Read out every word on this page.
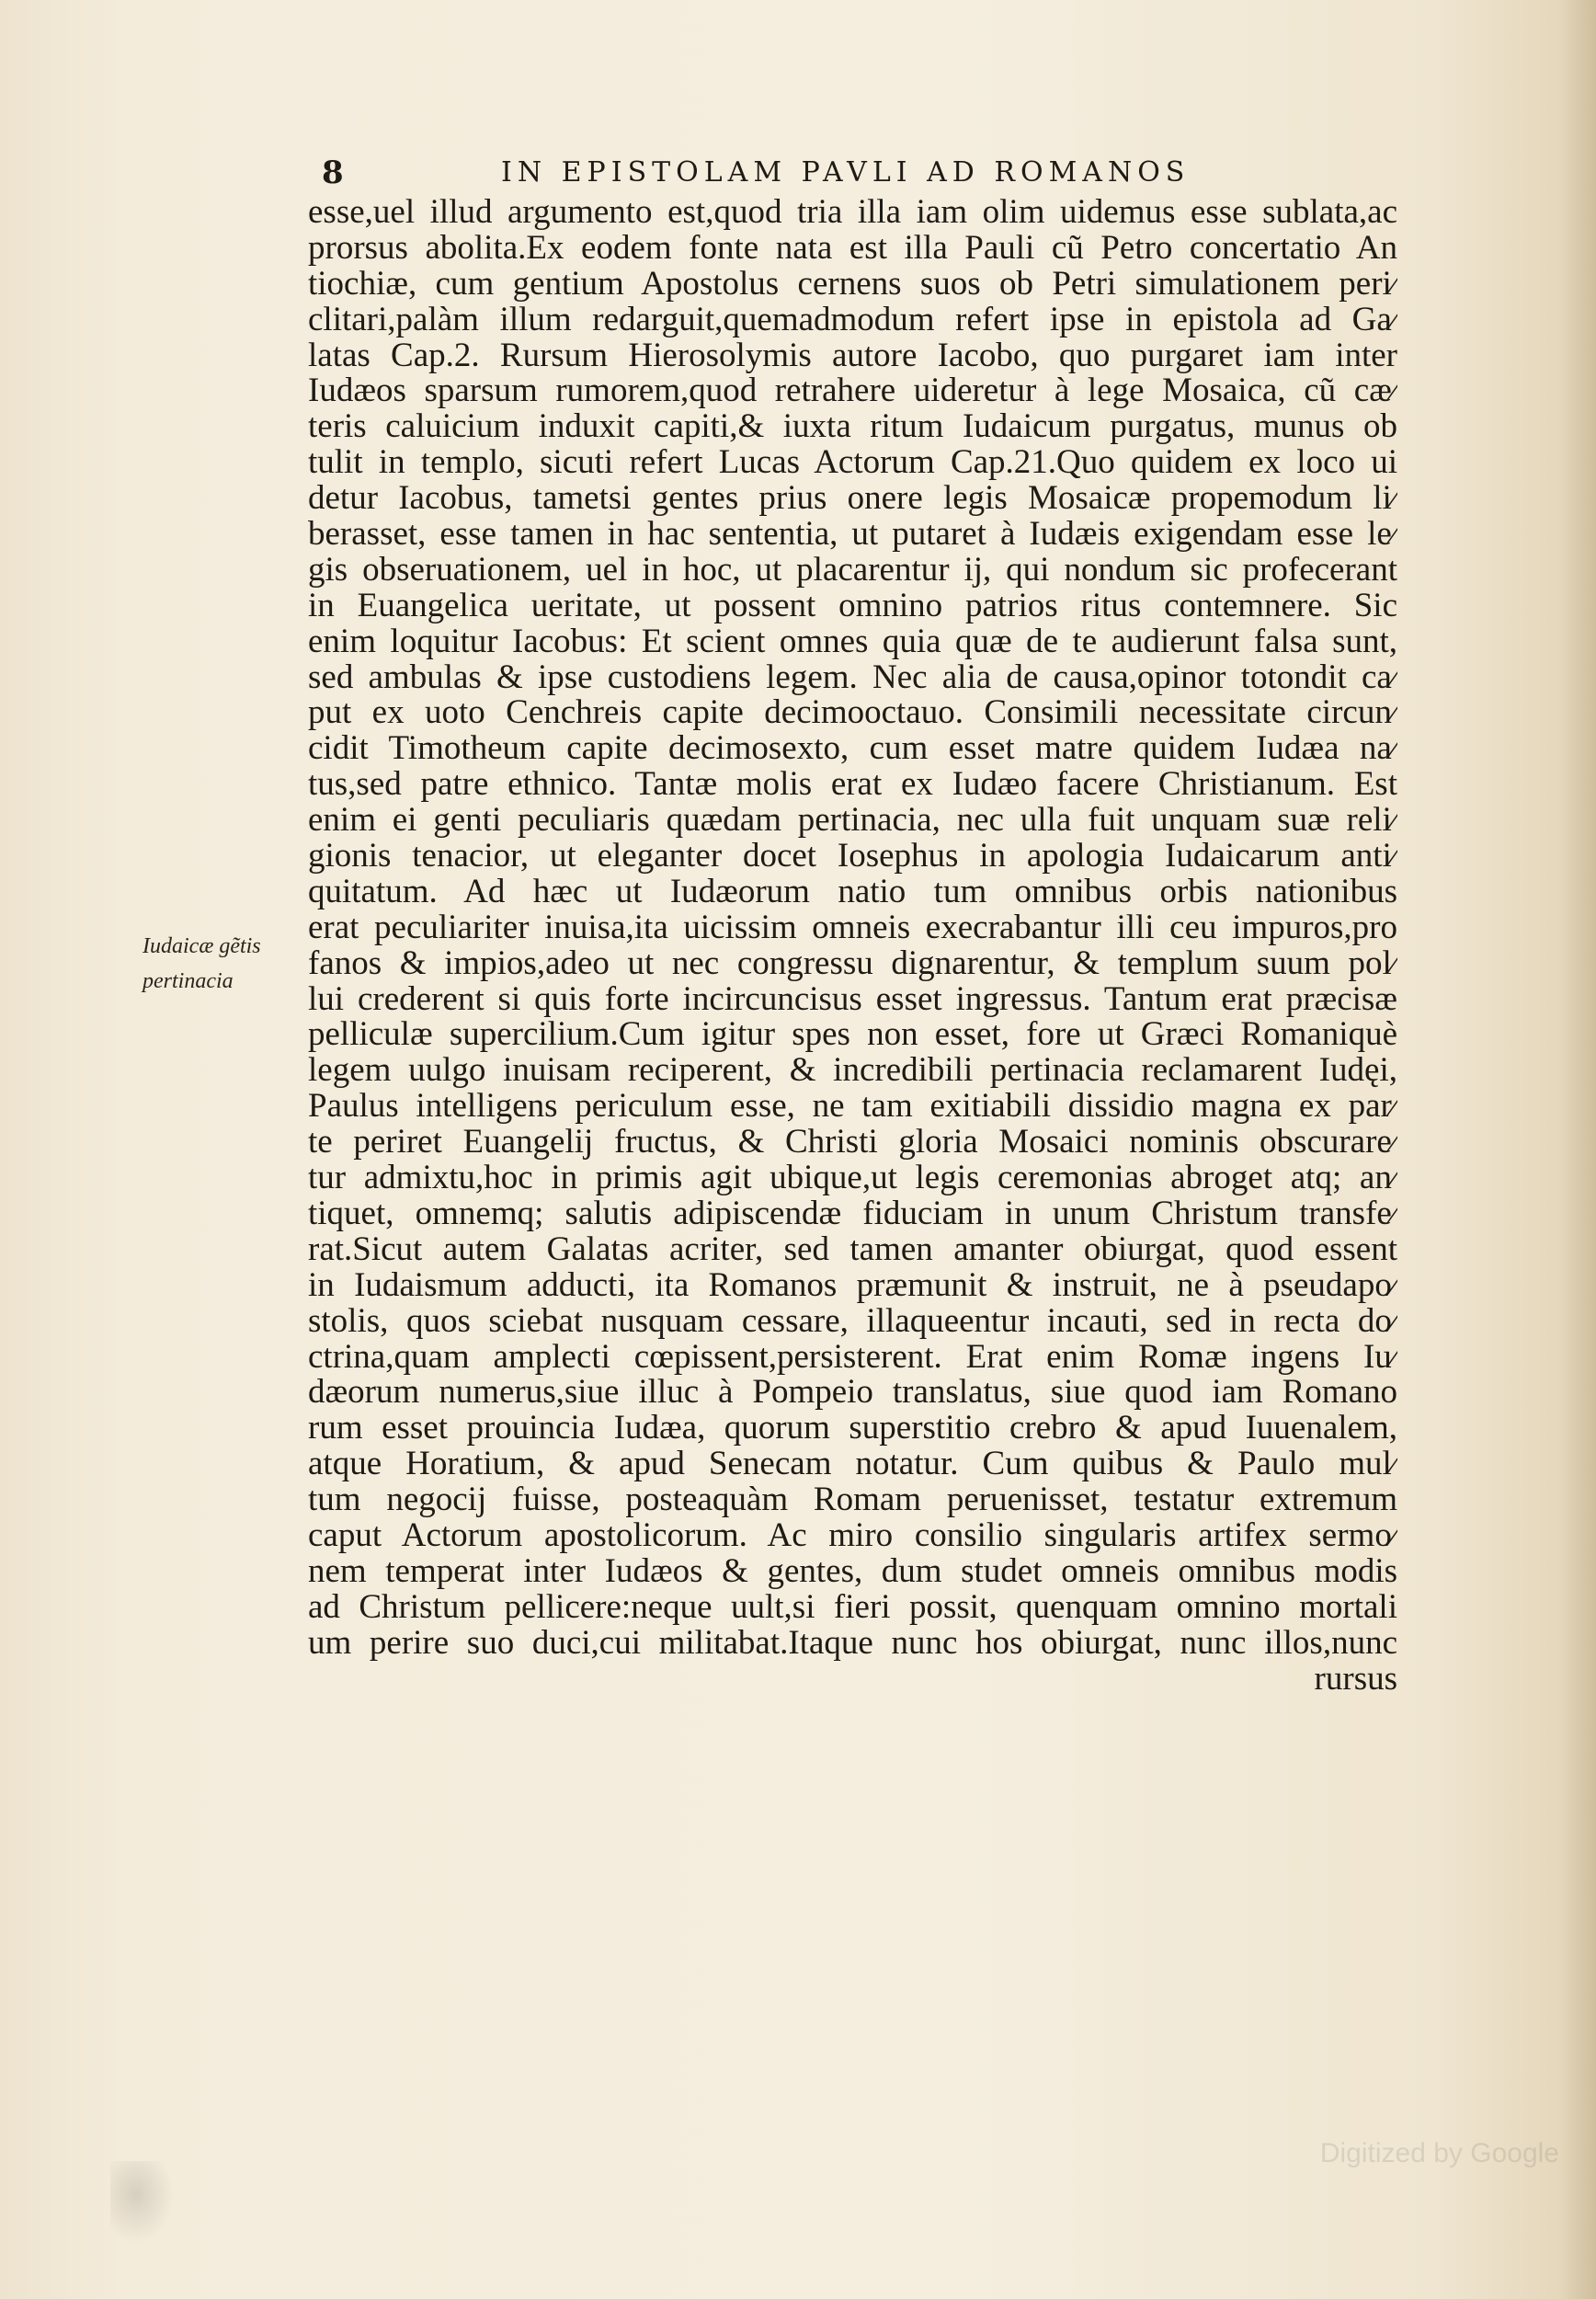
8	IN EPISTOLAM PAVLI AD ROMANOS
Iudaicæ gẽtis
pertinacia
esse,uel illud argumento est,quod tria illa iam olim uidemus esse sublata,ac
prorsus abolita.Ex eodem fonte nata est illa Pauli cũ Petro concertatio An
tiochiæ, cum gentium Apostolus cernens suos ob Petri simulationem peri⁄
clitari,palàm illum redarguit,quemadmodum refert ipse in epistola ad Ga⁄
latas Cap.2. Rursum Hierosolymis autore Iacobo, quo purgaret iam inter
Iudæos sparsum rumorem,quod retrahere uideretur à lege Mosaica, cũ cæ⁄
teris caluicium induxit capiti,& iuxta ritum Iudaicum purgatus, munus ob
tulit in templo, sicuti refert Lucas Actorum Cap.21.Quo quidem ex loco ui
detur Iacobus, tametsi gentes prius onere legis Mosaicæ propemodum li⁄
berasset, esse tamen in hac sententia, ut putaret à Iudæis exigendam esse le⁄
gis obseruationem, uel in hoc, ut placarentur ij, qui nondum sic profecerant
in Euangelica ueritate, ut possent omnino patrios ritus contemnere. Sic
enim loquitur Iacobus: Et scient omnes quia quæ de te audierunt falsa sunt,
sed ambulas & ipse custodiens legem. Nec alia de causa,opinor totondit ca⁄
put ex uoto Cenchreis capite decimooctauo. Consimili necessitate circun⁄
cidit Timotheum capite decimosexto, cum esset matre quidem Iudæa na⁄
tus,sed patre ethnico. Tantæ molis erat ex Iudæo facere Christianum. Est
enim ei genti peculiaris quædam pertinacia, nec ulla fuit unquam suæ reli⁄
gionis tenacior, ut eleganter docet Iosephus in apologia Iudaicarum anti⁄
quitatum. Ad hæc ut Iudæorum natio tum omnibus orbis nationibus
erat peculiariter inuisa,ita uicissim omneis execrabantur illi ceu impuros,pro
fanos & impios,adeo ut nec congressu dignarentur, & templum suum pol⁄
lui crederent si quis forte incircuncisus esset ingressus. Tantum erat præcisæ
pelliculæ supercilium.Cum igitur spes non esset, fore ut Græci Romaniquè
legem uulgo inuisam reciperent, & incredibili pertinacia reclamarent Iudęi,
Paulus intelligens periculum esse, ne tam exitiabili dissidio magna ex par⁄
te periret Euangelij fructus, & Christi gloria Mosaici nominis obscurare⁄
tur admixtu,hoc in primis agit ubique,ut legis ceremonias abroget atq; an⁄
tiquet, omnemq; salutis adipiscendæ fiduciam in unum Christum transfe⁄
rat.Sicut autem Galatas acriter, sed tamen amanter obiurgat, quod essent
in Iudaismum adducti, ita Romanos præmunit & instruit, ne à pseudapo⁄
stolis, quos sciebat nusquam cessare, illaqueentur incauti, sed in recta do⁄
ctrina,quam amplecti cœpissent,persisterent. Erat enim Romæ ingens Iu⁄
dæorum numerus,siue illuc à Pompeio translatus, siue quod iam Romano
rum esset prouincia Iudæa, quorum superstitio crebro & apud Iuuenalem,
atque Horatium, & apud Senecam notatur. Cum quibus & Paulo mul⁄
tum negocij fuisse, posteaquàm Romam peruenisset, testatur extremum
caput Actorum apostolicorum. Ac miro consilio singularis artifex sermo⁄
nem temperat inter Iudæos & gentes, dum studet omneis omnibus modis
ad Christum pellicere:neque uult,si fieri possit, quenquam omnino mortali
um perire suo duci,cui militabat.Itaque nunc hos obiurgat, nunc illos,nunc
rursus
Digitized by Google
